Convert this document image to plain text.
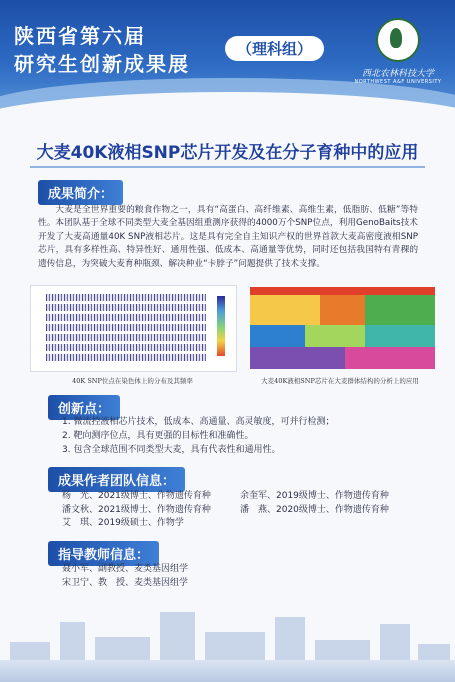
陕西省第六届
研究生创新成果展
（理科组）
西北农林科技大学
NORTHWEST A&F UNIVERSITY
大麦40K液相SNP芯片开发及在分子育种中的应用
成果简介：
大麦是全世界重要的粮食作物之一，具有“高蛋白、高纤维素、高维生素，低脂肪、低糖”等特性。本团队基于全球不同类型大麦全基因组重测序获得的4000万个SNP位点，利用GenoBaits技术开发了大麦高通量40K SNP液相芯片。这是具有完全自主知识产权的世界首款大麦高密度液相SNP芯片，具有多样性高、特异性好、通用性强、低成本、高通量等优势，同时还包括我国特有青稞的遗传信息，为突破大麦育种瓶颈、解决种业“卡脖子”问题提供了技术支撑。
40K SNP位点在染色体上的分布及其频率	大麦40K液相SNP芯片在大麦群体结构的分析上的应用
创新点：
1. 微流控液相芯片技术，低成本、高通量、高灵敏度，可并行检测；
2. 靶向测序位点，具有更强的目标性和准确性。
3. 包含全球范围不同类型大麦，具有代表性和通用性。
成果作者团队信息：
杨　光、2021级博士、作物遗传育种
潘文秋、2021级博士、作物遗传育种
艾　琪、2019级硕士、作物学
余奎军、2019级博士、作物遗传育种
潘　燕、2020级博士、作物遗传育种
指导教师信息：
聂小军、副教授、麦类基因组学
宋卫宁、教　授、麦类基因组学
